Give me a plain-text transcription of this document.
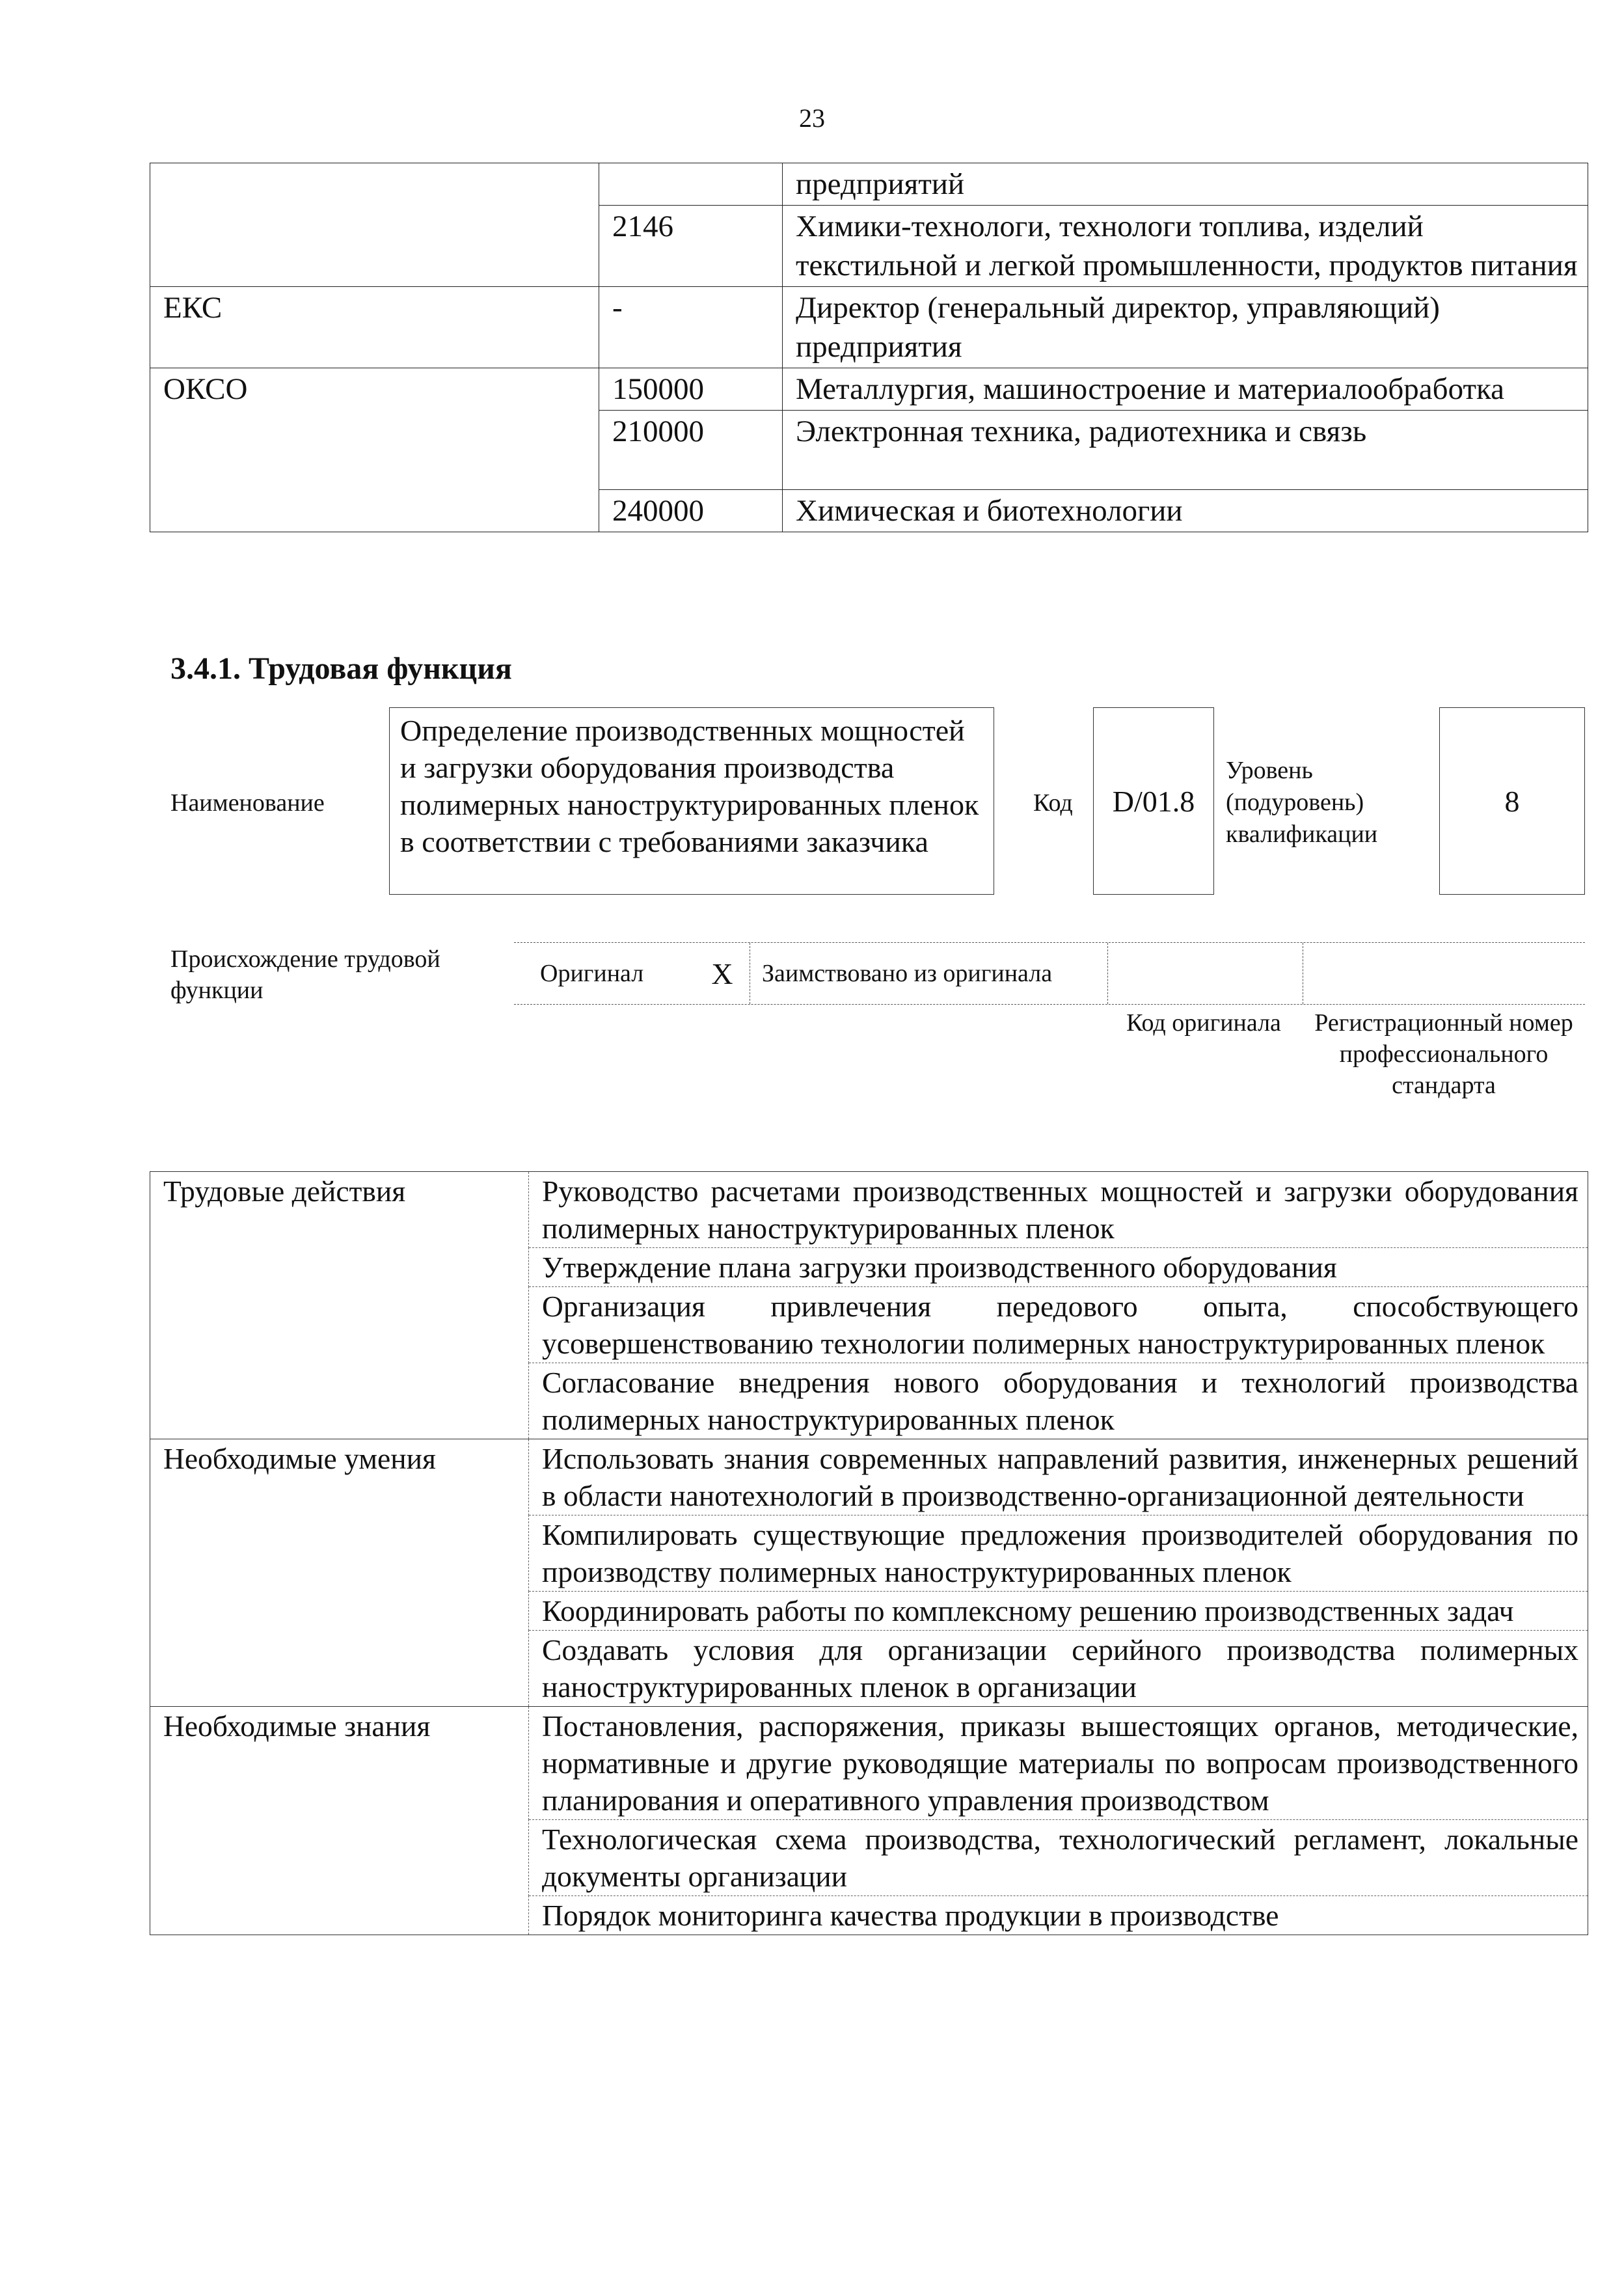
23
		предприятий
	2146	Химики-технологи, технологи топлива, изделий текстильной и легкой промышленности, продуктов питания
ЕКС	-	Директор (генеральный директор, управляющий) предприятия
ОКСО	150000	Металлургия, машиностроение и материалообработка
	210000	Электронная техника, радиотехника и связь
	240000	Химическая и биотехнологии
3.4.1. Трудовая функция
Наименование
Определение производственных мощностей и загрузки оборудования производства полимерных наноструктурированных пленок в соответствии с требованиями заказчика
Код	D/01.8
Уровень (подуровень) квалификации
8
Происхождение трудовой функции
Оригинал	X	Заимствовано из оригинала
Код оригинала	Регистрационный номер профессионального стандарта
Трудовые действия	Руководство расчетами производственных мощностей и загрузки оборудования полимерных наноструктурированных пленок
	Утверждение плана загрузки производственного оборудования
	Организация привлечения передового опыта, способствующего усовершенствованию технологии полимерных наноструктурированных пленок
	Согласование внедрения нового оборудования и технологий производства полимерных наноструктурированных пленок
Необходимые умения	Использовать знания современных направлений развития, инженерных решений в области нанотехнологий в производственно-организационной деятельности
	Компилировать существующие предложения производителей оборудования по производству полимерных наноструктурированных пленок
	Координировать работы по комплексному решению производственных задач
	Создавать условия для организации серийного производства полимерных наноструктурированных пленок в организации
Необходимые знания	Постановления, распоряжения, приказы вышестоящих органов, методические, нормативные и другие руководящие материалы по вопросам производственного планирования и оперативного управления производством
	Технологическая схема производства, технологический регламент, локальные документы организации
	Порядок мониторинга качества продукции в производстве
